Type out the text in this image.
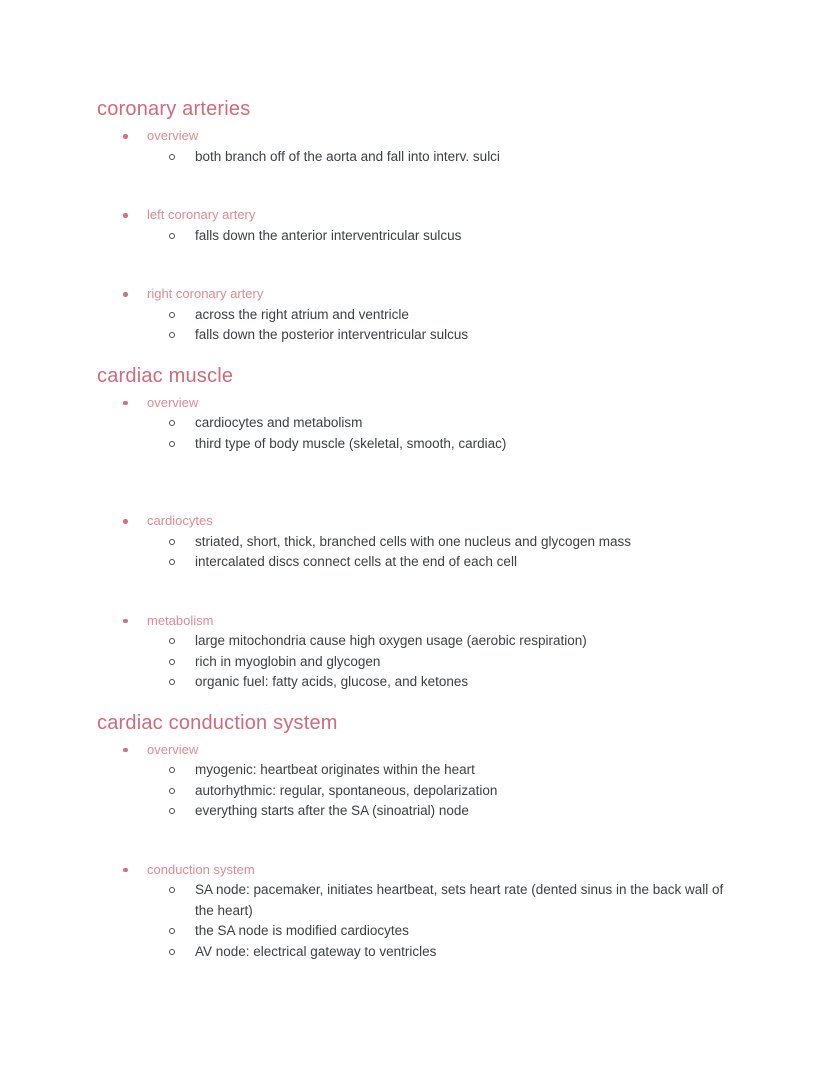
coronary arteries
overview
both branch off of the aorta and fall into interv. sulci
left coronary artery
falls down the anterior interventricular sulcus
right coronary artery
across the right atrium and ventricle
falls down the posterior interventricular sulcus
cardiac muscle
overview
cardiocytes and metabolism
third type of body muscle (skeletal, smooth, cardiac)
cardiocytes
striated, short, thick, branched cells with one nucleus and glycogen mass
intercalated discs connect cells at the end of each cell
metabolism
large mitochondria cause high oxygen usage (aerobic respiration)
rich in myoglobin and glycogen
organic fuel: fatty acids, glucose, and ketones
cardiac conduction system
overview
myogenic: heartbeat originates within the heart
autorhythmic: regular, spontaneous, depolarization
everything starts after the SA (sinoatrial) node
conduction system
SA node: pacemaker, initiates heartbeat, sets heart rate (dented sinus in the back wall of the heart)
the SA node is modified cardiocytes
AV node: electrical gateway to ventricles
